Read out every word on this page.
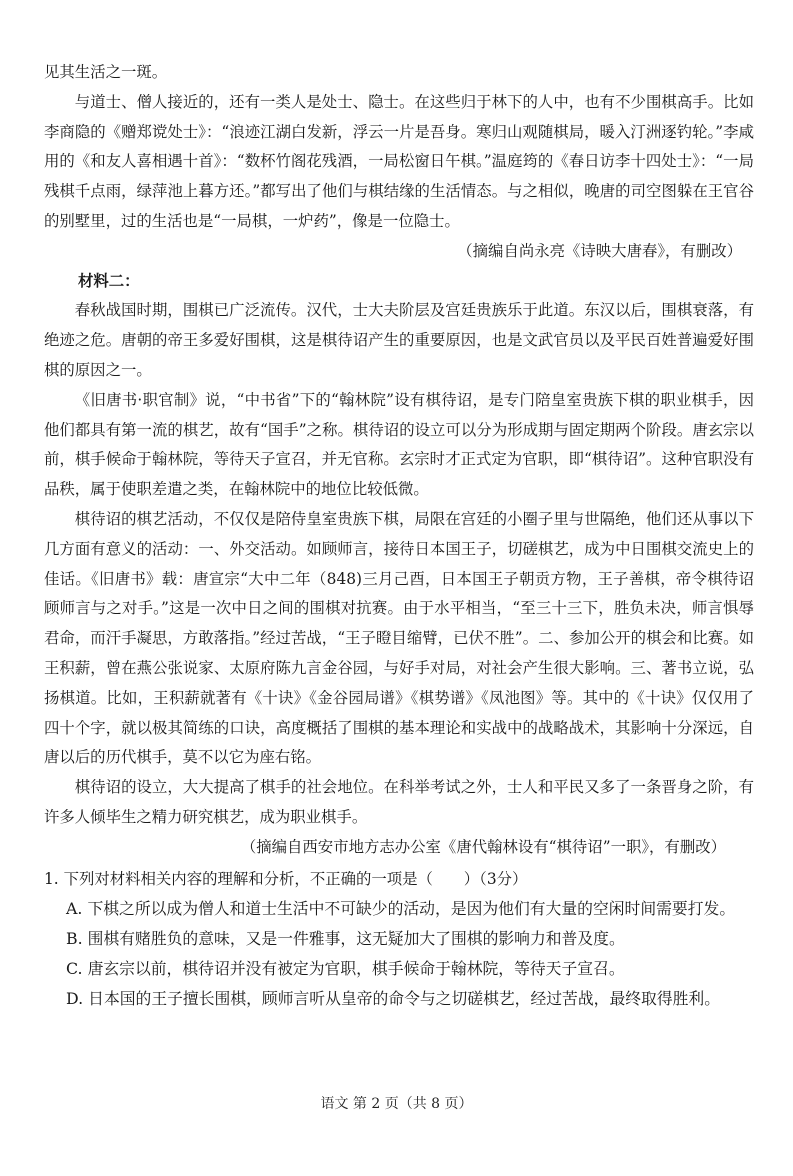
见其生活之一斑。

与道士、僧人接近的，还有一类人是处士、隐士。在这些归于林下的人中，也有不少围棋高手。比如李商隐的《赠郑谠处士》：“浪迹江湖白发新，浮云一片是吾身。寒归山观随棋局，暖入汀洲逐钓轮。”李咸用的《和友人喜相遇十首》：“数杯竹阁花残酒，一局松窗日午棋。”温庭筠的《春日访李十四处士》：“一局残棋千点雨，绿萍池上暮方还。”都写出了他们与棋结缘的生活情态。与之相似，晚唐的司空图躲在王官谷的别墅里，过的生活也是“一局棋，一炉药”，像是一位隐士。

（摘编自尚永亮《诗映大唐春》，有删改）

材料二：

春秋战国时期，围棋已广泛流传。汉代，士大夫阶层及宫廷贵族乐于此道。东汉以后，围棋衰落，有绝迹之危。唐朝的帝王多爱好围棋，这是棋待诏产生的重要原因，也是文武官员以及平民百姓普遍爱好围棋的原因之一。

《旧唐书·职官制》说，“中书省”下的“翰林院”设有棋待诏，是专门陪皇室贵族下棋的职业棋手，因他们都具有第一流的棋艺，故有“国手”之称。棋待诏的设立可以分为形成期与固定期两个阶段。唐玄宗以前，棋手候命于翰林院，等待天子宣召，并无官称。玄宗时才正式定为官职，即“棋待诏”。这种官职没有品秩，属于使职差遣之类，在翰林院中的地位比较低微。

棋待诏的棋艺活动，不仅仅是陪侍皇室贵族下棋，局限在宫廷的小圈子里与世隔绝，他们还从事以下几方面有意义的活动：一、外交活动。如顾师言，接待日本国王子，切磋棋艺，成为中日围棋交流史上的佳话。《旧唐书》载：唐宣宗“大中二年（848)三月己酉，日本国王子朝贡方物，王子善棋，帝令棋待诏顾师言与之对手。”这是一次中日之间的围棋对抗赛。由于水平相当，“至三十三下，胜负未决，师言惧辱君命，而汗手凝思，方敢落指。”经过苦战，“王子瞪目缩臂，已伏不胜”。二、参加公开的棋会和比赛。如王积薪，曾在燕公张说家、太原府陈九言金谷园，与好手对局，对社会产生很大影响。三、著书立说，弘扬棋道。比如，王积薪就著有《十诀》《金谷园局谱》《棋势谱》《凤池图》等。其中的《十诀》仅仅用了四十个字，就以极其简练的口诀，高度概括了围棋的基本理论和实战中的战略战术，其影响十分深远，自唐以后的历代棋手，莫不以它为座右铭。

棋待诏的设立，大大提高了棋手的社会地位。在科举考试之外，士人和平民又多了一条晋身之阶，有许多人倾毕生之精力研究棋艺，成为职业棋手。

（摘编自西安市地方志办公室《唐代翰林设有“棋待诏”一职》，有删改）

1. 下列对材料相关内容的理解和分析，不正确的一项是（　　）（3分）

A. 下棋之所以成为僧人和道士生活中不可缺少的活动，是因为他们有大量的空闲时间需要打发。

B. 围棋有赌胜负的意味，又是一件雅事，这无疑加大了围棋的影响力和普及度。

C. 唐玄宗以前，棋待诏并没有被定为官职，棋手候命于翰林院，等待天子宣召。

D. 日本国的王子擅长围棋，顾师言听从皇帝的命令与之切磋棋艺，经过苦战，最终取得胜利。

语文 第 2 页（共 8 页）
